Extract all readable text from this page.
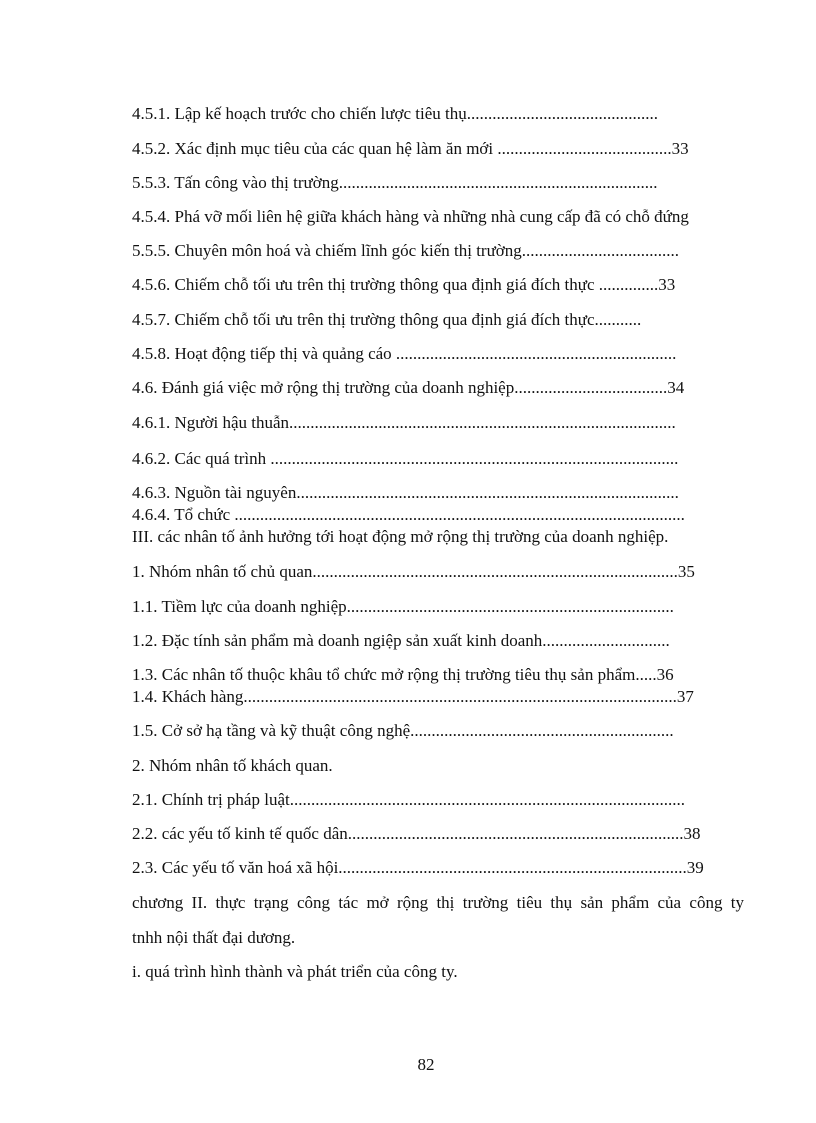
4.5.1. Lập kế hoạch trước cho chiến lược tiêu thụ.............................................
4.5.2. Xác định mục tiêu của các quan hệ làm ăn mới .........................................33
5.5.3. Tấn công vào thị trường...........................................................................
4.5.4. Phá vỡ mối liên hệ giữa khách hàng và những nhà cung cấp đã có chỗ đứng
5.5.5. Chuyên môn hoá và chiếm lĩnh góc kiến thị trường.....................................
4.5.6. Chiếm chỗ tối ưu trên thị trường thông qua định giá đích thực ..............33
4.5.7. Chiếm chỗ tối ưu trên thị trường thông qua định giá đích thực...........
4.5.8. Hoạt động tiếp thị và quảng cáo ..................................................................
4.6. Đánh giá việc mở rộng thị trường của doanh nghiệp....................................34
4.6.1. Người hậu thuẫn...........................................................................................
4.6.2. Các quá trình ................................................................................................
4.6.3. Nguồn tài nguyên..........................................................................................
4.6.4. Tổ chức ..........................................................................................................
III. các nhân tố ảnh hưởng tới hoạt động mở rộng thị trường của doanh nghiệp.
1. Nhóm nhân tố chủ quan......................................................................................35
1.1. Tiềm lực của doanh nghiệp.............................................................................
1.2. Đặc tính sản phẩm mà doanh ngiệp sản xuất kinh doanh..............................
1.3. Các nhân tố thuộc khâu tổ chức mở rộng thị trường tiêu thụ sản phẩm.....36
1.4. Khách hàng......................................................................................................37
1.5. Cở sở hạ tầng và kỹ thuật công nghệ..............................................................
2. Nhóm nhân tố khách quan.
2.1. Chính trị pháp luật.............................................................................................
2.2. các yếu tố kinh tế quốc dân...............................................................................38
2.3. Các yếu tố văn hoá xã hội..................................................................................39
chương II. thực trạng công tác mở rộng thị trường tiêu thụ sản phẩm của công ty
tnhh nội thất đại dương.
i. quá trình hình thành và phát triển của công ty.
82
